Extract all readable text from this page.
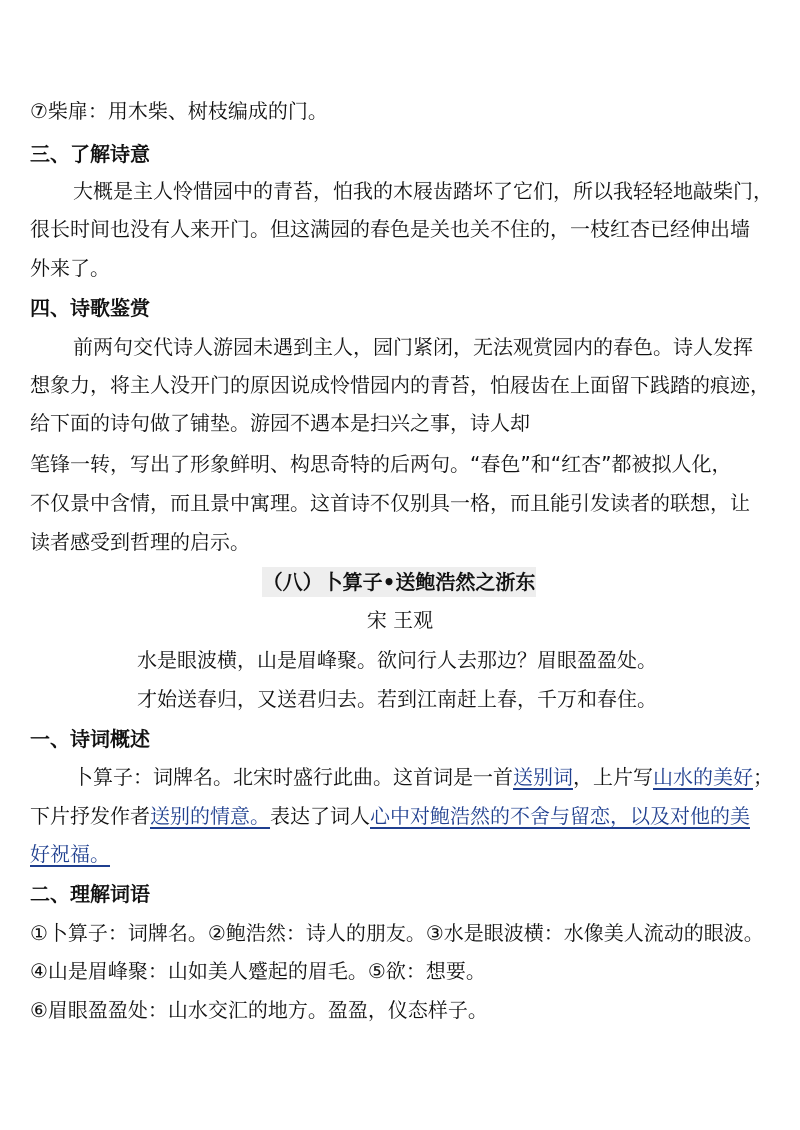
⑦柴扉：用木柴、树枝编成的门。
三、了解诗意
大概是主人怜惜园中的青苔，怕我的木屐齿踏坏了它们，所以我轻轻地敲柴门，
很长时间也没有人来开门。但这满园的春色是关也关不住的，一枝红杏已经伸出墙
外来了。
四、诗歌鉴赏
前两句交代诗人游园未遇到主人，园门紧闭，无法观赏园内的春色。诗人发挥
想象力，将主人没开门的原因说成怜惜园内的青苔，怕屐齿在上面留下践踏的痕迹，
给下面的诗句做了铺垫。游园不遇本是扫兴之事，诗人却
笔锋一转，写出了形象鲜明、构思奇特的后两句。“春色”和“红杏”都被拟人化，
不仅景中含情，而且景中寓理。这首诗不仅别具一格，而且能引发读者的联想，让
读者感受到哲理的启示。
（八）卜算子•送鲍浩然之浙东
宋 王观
水是眼波横，山是眉峰聚。欲问行人去那边？眉眼盈盈处。
才始送春归，又送君归去。若到江南赶上春，千万和春住。
一、诗词概述
卜算子：词牌名。北宋时盛行此曲。这首词是一首送别词，上片写山水的美好；
下片抒发作者送别的情意。表达了词人心中对鲍浩然的不舍与留恋，以及对他的美
好祝福。
二、理解词语
①卜算子：词牌名。②鲍浩然：诗人的朋友。③水是眼波横：水像美人流动的眼波。
④山是眉峰聚：山如美人蹙起的眉毛。⑤欲：想要。
⑥眉眼盈盈处：山水交汇的地方。盈盈，仪态样子。
